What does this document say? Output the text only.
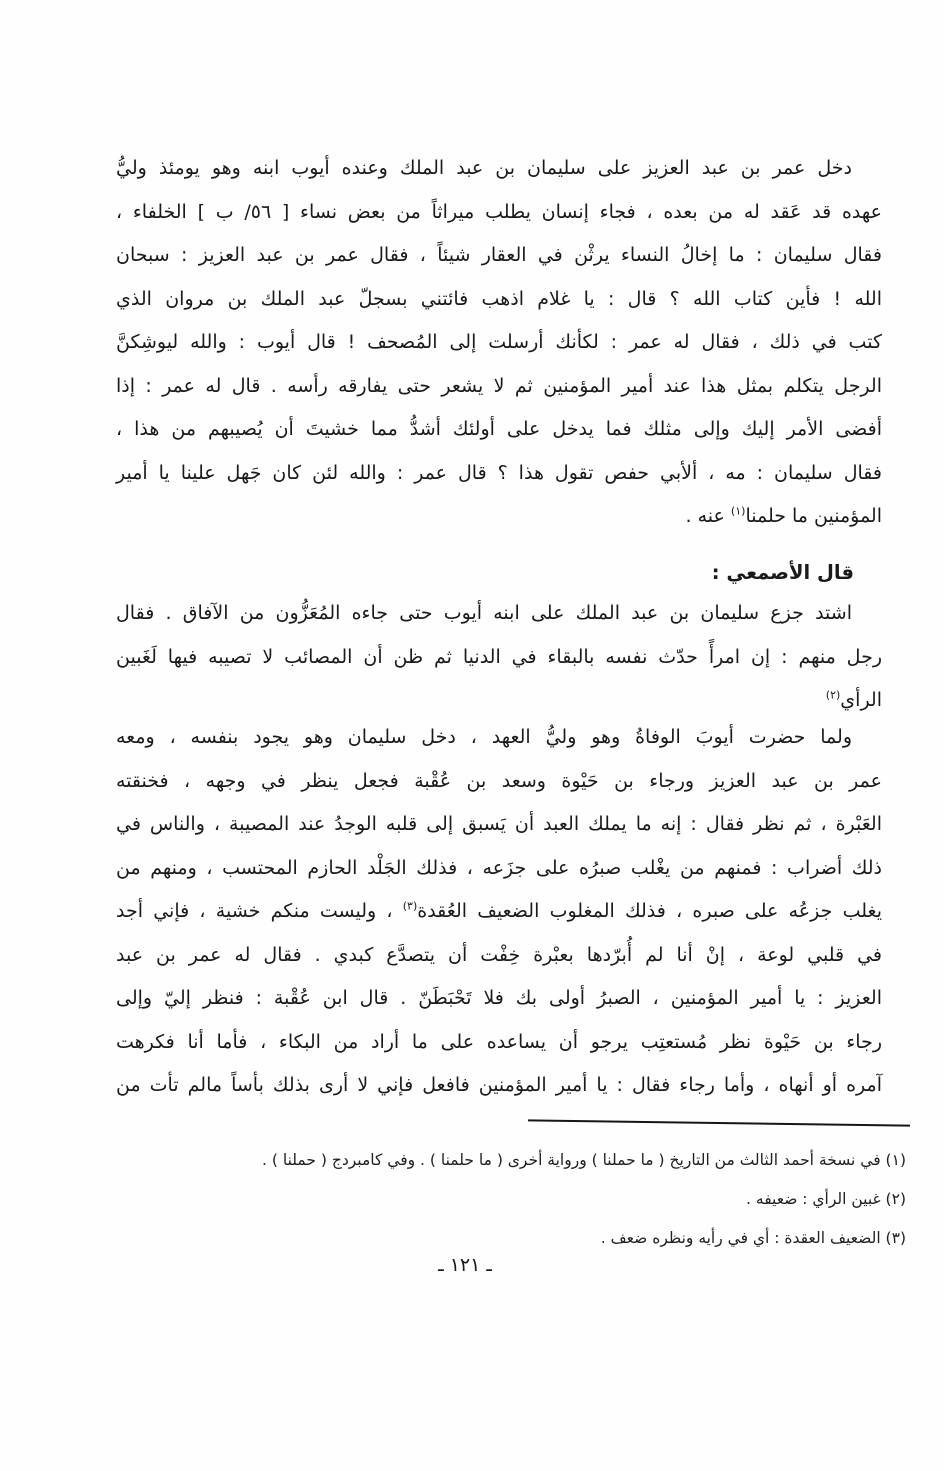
دخل عمر بن عبد العزيز على سليمان بن عبد الملك وعنده أيوب ابنه وهو يومئذ وليُّ
عهده قد عَقد له من بعده ، فجاء إنسان يطلب ميراثاً من بعض نساء [ ٥٦/ ب ] الخلفاء ،
فقال سليمان : ما إخالُ النساء يرثْن في العقار شيئاً ، فقال عمر بن عبد العزيز : سبحان
الله ! فأين كتاب الله ؟ قال : يا غلام اذهب فائتني بسجلّ عبد الملك بن مروان الذي
كتب في ذلك ، فقال له عمر : لكأنك أرسلت إلى المُصحف ! قال أيوب : والله ليوشِكنَّ
الرجل يتكلم بمثل هذا عند أمير المؤمنين ثم لا يشعر حتى يفارقه رأسه . قال له عمر : إذا
أفضى الأمر إليك وإلى مثلك فما يدخل على أولئك أشدُّ مما خشيتَ أن يُصيبهم من هذا ،
فقال سليمان : مه ، ألأبي حفص تقول هذا ؟ قال عمر : والله لئن كان جَهل علينا يا أمير
المؤمنين ما حلمنا$^{(١)}$ عنه .
قال الأصمعي :
اشتد جزع سليمان بن عبد الملك على ابنه أيوب حتى جاءه المُعَزُّون من الآفاق . فقال
رجل منهم : إن امرأً حدّث نفسه بالبقاء في الدنيا ثم ظن أن المصائب لا تصيبه فيها لَغَبين
الرأي$^{(٢)}$
ولما حضرت أيوبَ الوفاةُ وهو وليُّ العهد ، دخل سليمان وهو يجود بنفسه ، ومعه
عمر بن عبد العزيز ورجاء بن حَيْوة وسعد بن عُقْبة فجعل ينظر في وجهه ، فخنقته
العَبْرة ، ثم نظر فقال : إنه ما يملك العبد أن يَسبق إلى قلبه الوجدُ عند المصيبة ، والناس في
ذلك أضراب : فمنهم من يغْلب صبرُه على جزَعه ، فذلك الجَلْد الحازم المحتسب ، ومنهم من
يغلب جزعُه على صبره ، فذلك المغلوب الضعيف العُقدة$^{(٣)}$ ، وليست منكم خشية ، فإني أجد
في قلبي لوعة ، إنْ أنا لم أُبرّدها بعبْرة خِفْت أن يتصدَّع كبدي . فقال له عمر بن عبد
العزيز : يا أمير المؤمنين ، الصبرُ أولى بك فلا تَحْبَطَنّ . قال ابن عُقْبة : فنظر إليّ وإلى
رجاء بن حَيْوة نظر مُستعتِب يرجو أن يساعده على ما أراد من البكاء ، فأما أنا فكرهت
آمره أو أنهاه ، وأما رجاء فقال : يا أمير المؤمنين فافعل فإني لا أرى بذلك بأساً مالم تأت من
(١) في نسخة أحمد الثالث من التاريخ ( ما حملنا ) ورواية أخرى ( ما حلمنا ) . وفي كامبردج ( حملنا ) .
(٢) غبين الرأي : ضعيفه .
(٣) الضعيف العقدة : أي في رأيه ونظره ضعف .
ـ ١٢١ ـ
